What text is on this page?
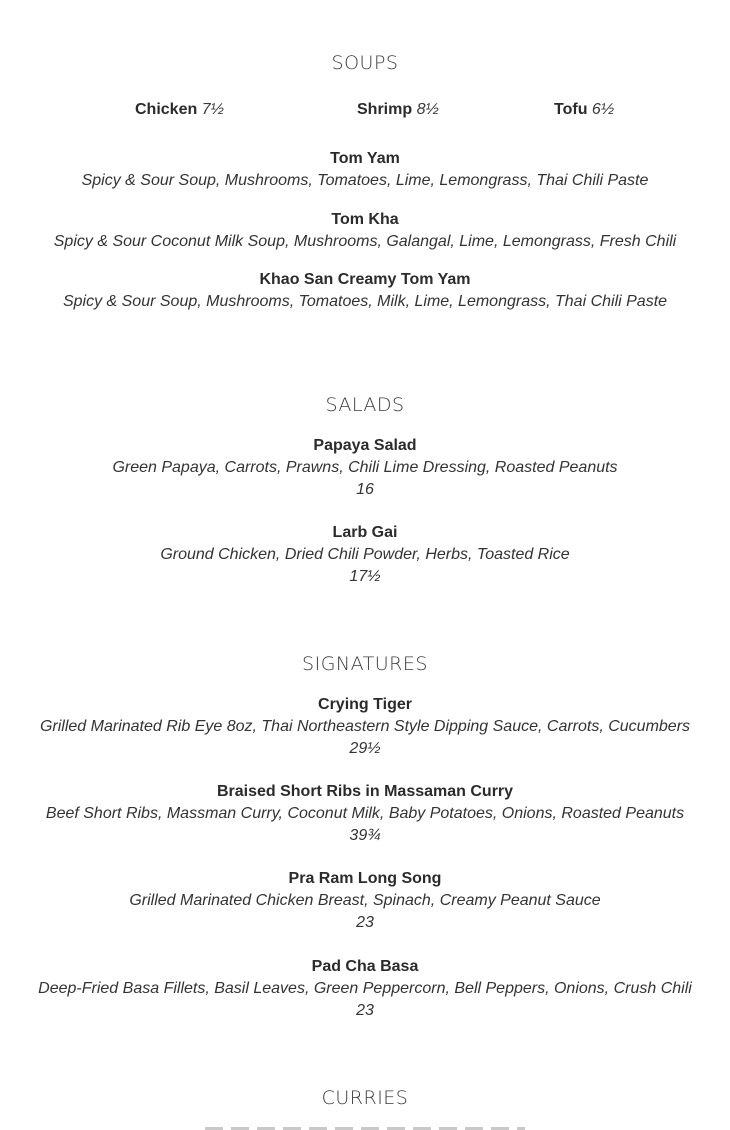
SOUPS
Chicken 7½	Shrimp 8½	Tofu 6½
Tom Yam
Spicy & Sour Soup, Mushrooms, Tomatoes, Lime, Lemongrass, Thai Chili Paste
Tom Kha
Spicy & Sour Coconut Milk Soup, Mushrooms, Galangal, Lime, Lemongrass, Fresh Chili
Khao San Creamy Tom Yam
Spicy & Sour Soup, Mushrooms, Tomatoes, Milk, Lime, Lemongrass, Thai Chili Paste
SALADS
Papaya Salad
Green Papaya, Carrots, Prawns, Chili Lime Dressing, Roasted Peanuts
16
Larb Gai
Ground Chicken, Dried Chili Powder, Herbs, Toasted Rice
17½
SIGNATURES
Crying Tiger
Grilled Marinated Rib Eye 8oz, Thai Northeastern Style Dipping Sauce, Carrots, Cucumbers
29½
Braised Short Ribs in Massaman Curry
Beef Short Ribs, Massman Curry, Coconut Milk, Baby Potatoes, Onions, Roasted Peanuts
39¾
Pra Ram Long Song
Grilled Marinated Chicken Breast, Spinach, Creamy Peanut Sauce
23
Pad Cha Basa
Deep-Fried Basa Fillets, Basil Leaves, Green Peppercorn, Bell Peppers, Onions, Crush Chili
23
CURRIES
